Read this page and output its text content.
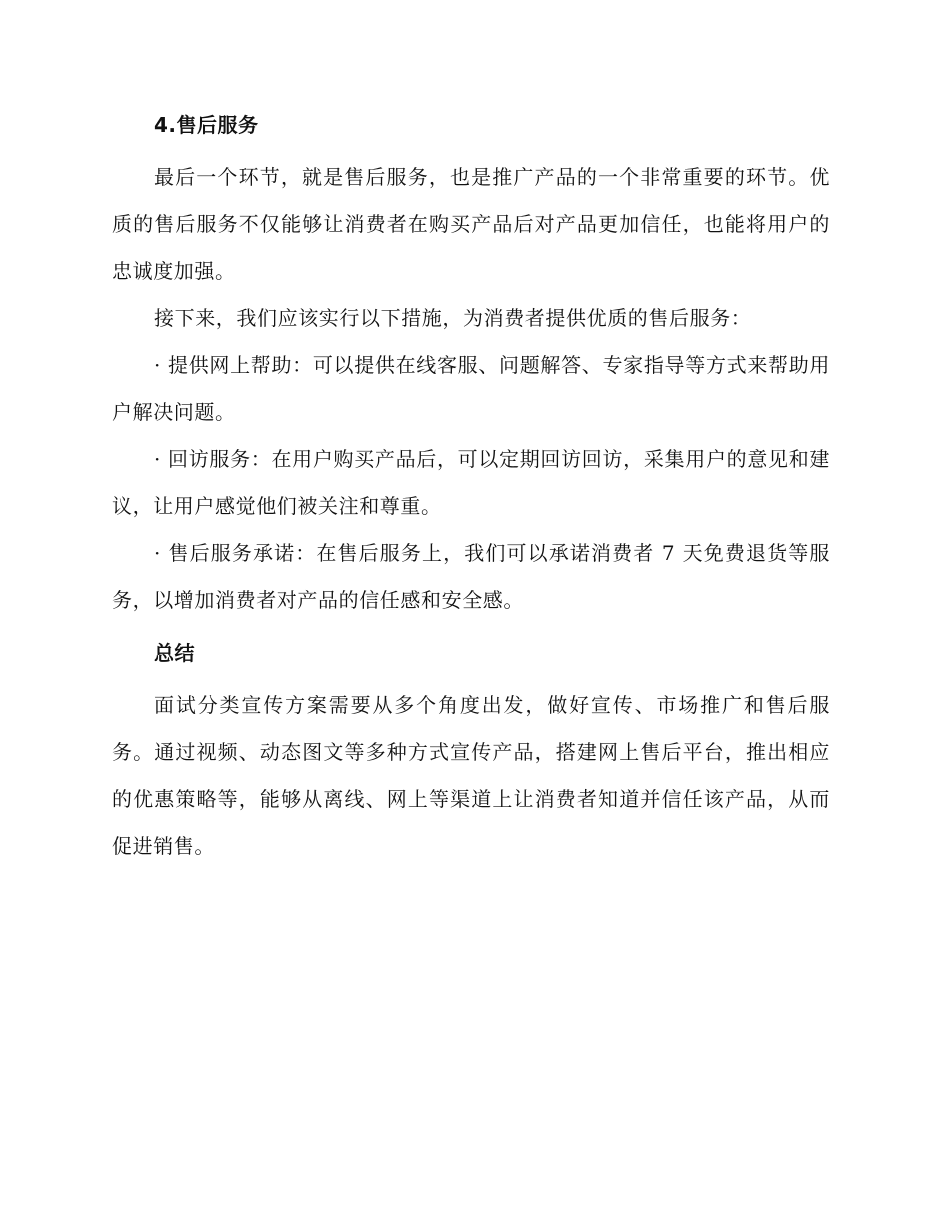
4.售后服务

最后一个环节，就是售后服务，也是推广产品的一个非常重要的环节。优质的售后服务不仅能够让消费者在购买产品后对产品更加信任，也能将用户的忠诚度加强。

接下来，我们应该实行以下措施，为消费者提供优质的售后服务：

· 提供网上帮助：可以提供在线客服、问题解答、专家指导等方式来帮助用户解决问题。

· 回访服务：在用户购买产品后，可以定期回访回访，采集用户的意见和建议，让用户感觉他们被关注和尊重。

· 售后服务承诺：在售后服务上，我们可以承诺消费者 7 天免费退货等服务，以增加消费者对产品的信任感和安全感。

总结

面试分类宣传方案需要从多个角度出发，做好宣传、市场推广和售后服务。通过视频、动态图文等多种方式宣传产品，搭建网上售后平台，推出相应的优惠策略等，能够从离线、网上等渠道上让消费者知道并信任该产品，从而促进销售。
